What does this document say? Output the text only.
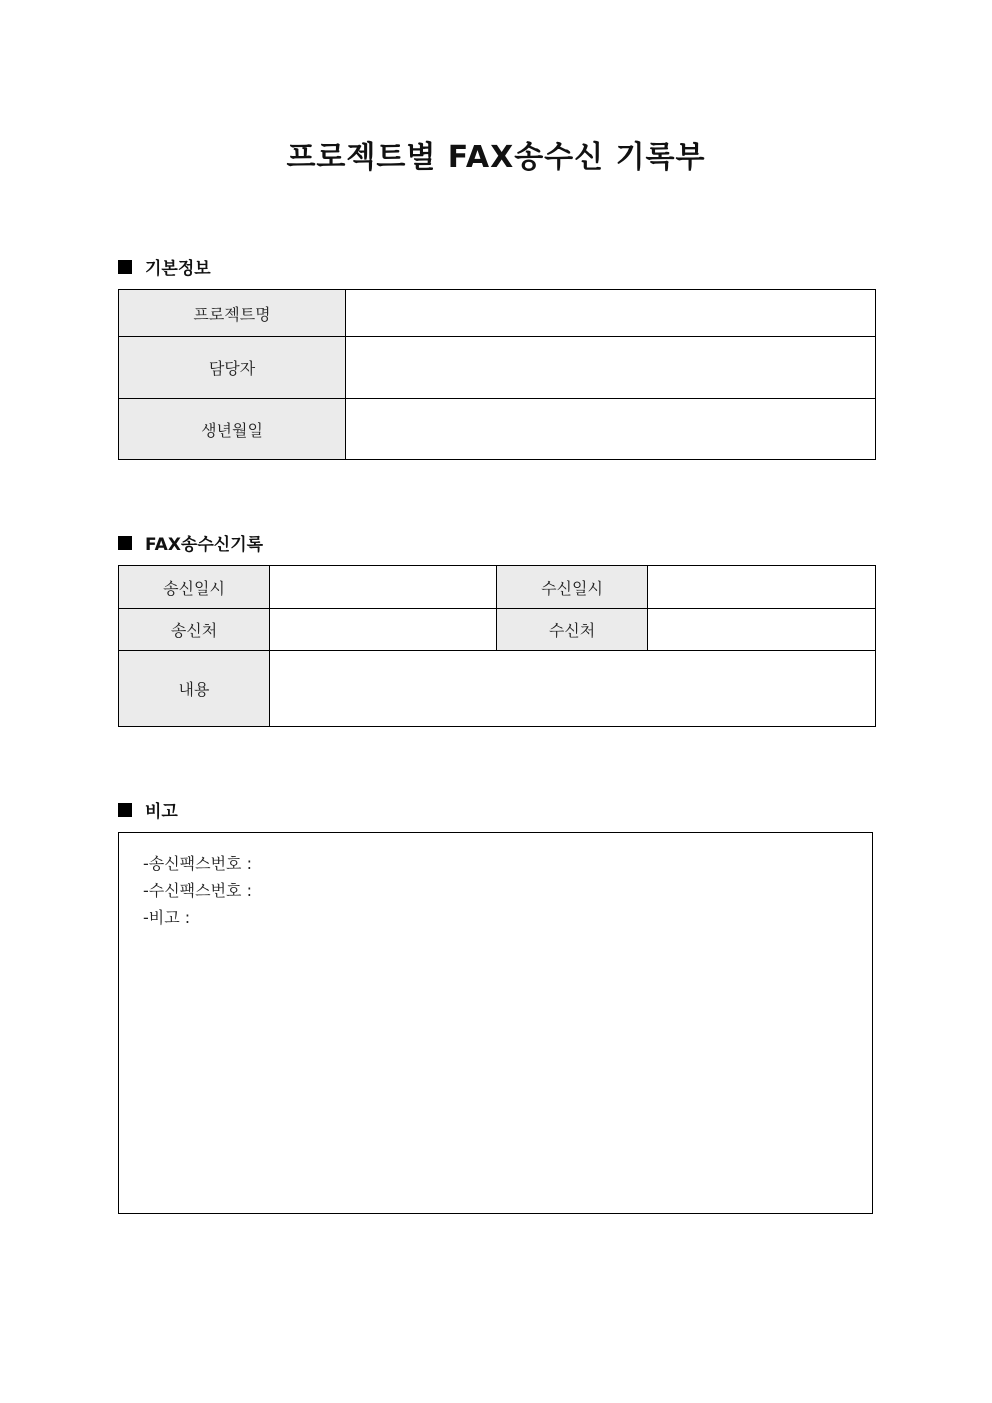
프로젝트별 FAX송수신 기록부
기본정보
프로젝트명	
담당자	
생년월일	
FAX송수신기록
송신일시		수신일시	
송신처		수신처	
내용			
비고
-송신팩스번호 :
-수신팩스번호 :
-비고 :
